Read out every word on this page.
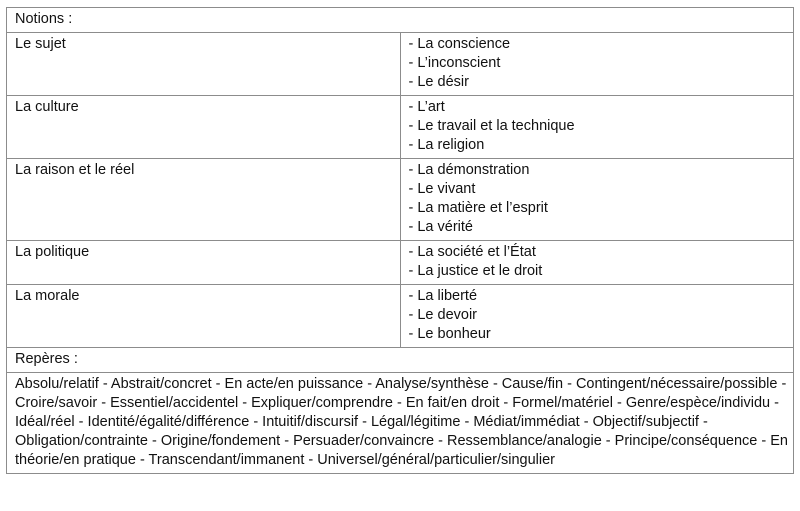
Notions :	
Le sujet	- La conscience
- L’inconscient
- Le désir

La culture	- L’art
- Le travail et la technique
- La religion

La raison et le réel	- La démonstration
- Le vivant
- La matière et l’esprit
- La vérité

La politique	- La société et l’État
- La justice et le droit

La morale	- La liberté
- Le devoir
- Le bonheur

Repères :	

Absolu/relatif - Abstrait/concret - En acte/en puissance - Analyse/synthèse - Cause/fin - Contingent/nécessaire/possible - Croire/savoir - Essentiel/accidentel - Expliquer/comprendre - En fait/en droit - Formel/matériel - Genre/espèce/individu - Idéal/réel - Identité/égalité/différence - Intuitif/discursif - Légal/légitime - Médiat/immédiat - Objectif/subjectif - Obligation/contrainte - Origine/fondement - Persuader/convaincre - Ressemblance/analogie - Principe/conséquence - En théorie/en pratique - Transcendant/immanent - Universel/général/particulier/singulier	
